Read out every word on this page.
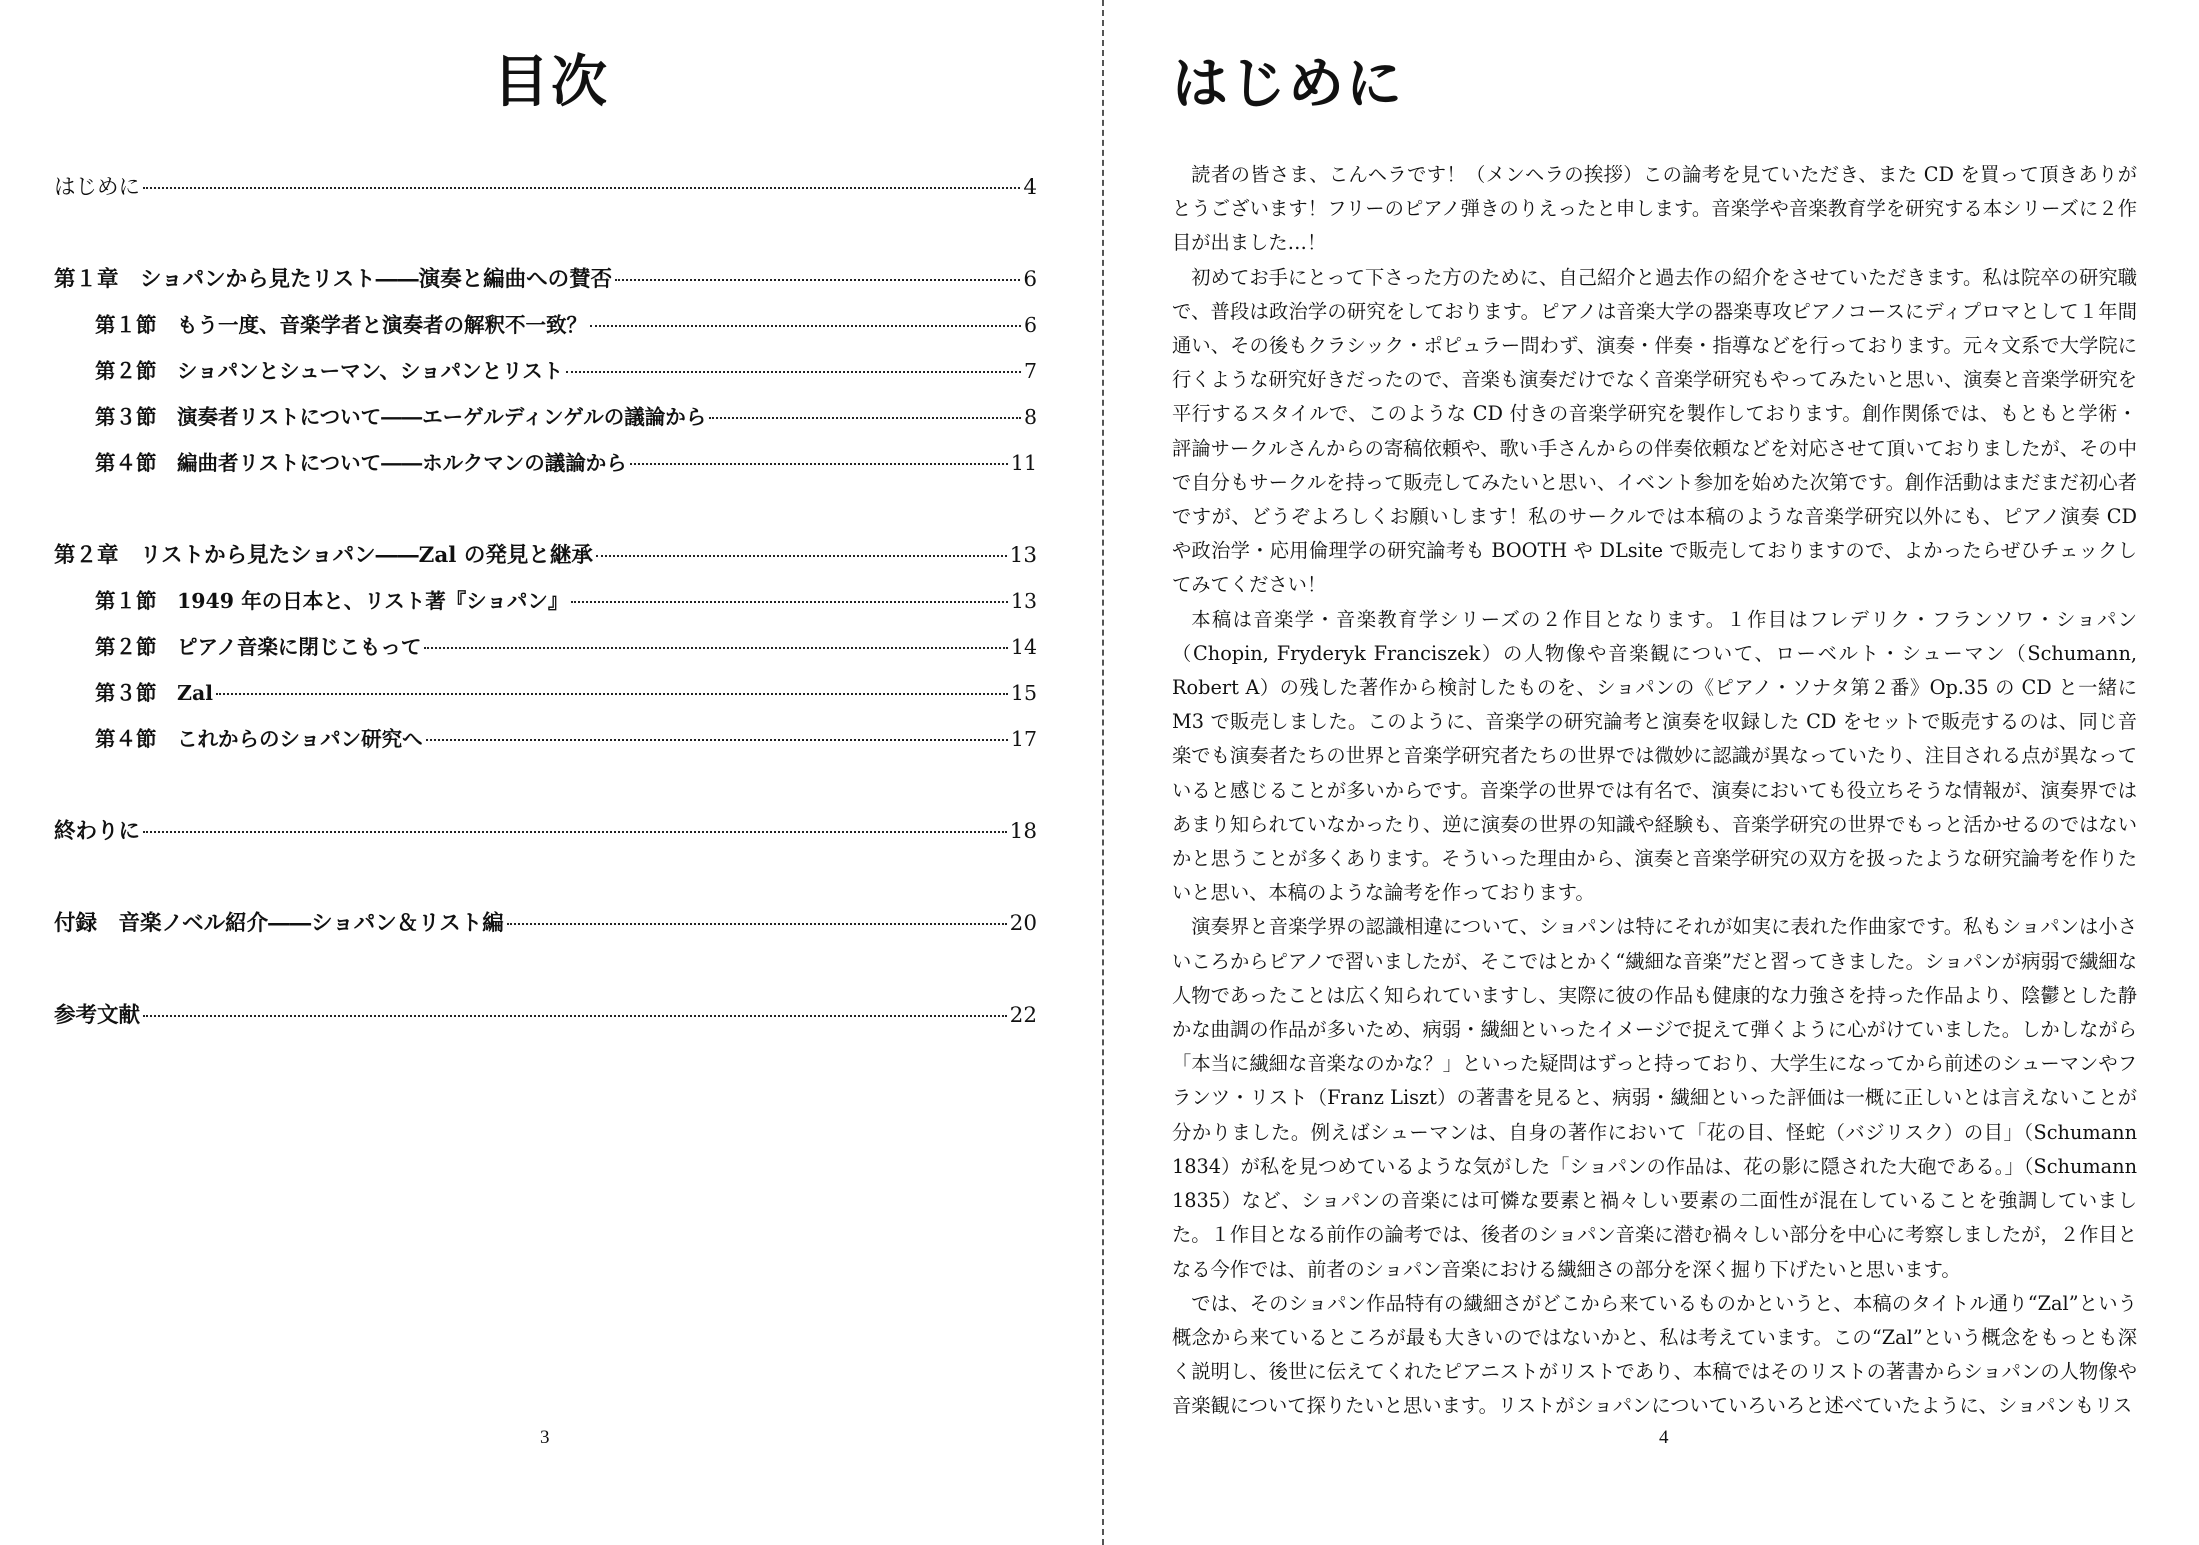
目次
はじめに	4
第１章　ショパンから見たリスト――演奏と編曲への賛否	6
第１節　もう一度、音楽学者と演奏者の解釈不一致？	6
第２節　ショパンとシューマン、ショパンとリスト	7
第３節　演奏者リストについて――エーゲルディンゲルの議論から	8
第４節　編曲者リストについて――ホルクマンの議論から	11
第２章　リストから見たショパン――Zal の発見と継承	13
第１節　1949 年の日本と、リスト著『ショパン』	13
第２節　ピアノ音楽に閉じこもって	14
第３節　Zal	15
第４節　これからのショパン研究へ	17
終わりに	18
付録　音楽ノベル紹介――ショパン＆リスト編	20
参考文献	22
3
はじめに

読者の皆さま、こんヘラです！（メンヘラの挨拶）この論考を見ていただき、また CD を買って頂きありがとうございます！フリーのピアノ弾きのりえったと申します。音楽学や音楽教育学を研究する本シリーズに２作目が出ました…！

初めてお手にとって下さった方のために、自己紹介と過去作の紹介をさせていただきます。私は院卒の研究職で、普段は政治学の研究をしております。ピアノは音楽大学の器楽専攻ピアノコースにディプロマとして１年間通い、その後もクラシック・ポピュラー問わず、演奏・伴奏・指導などを行っております。元々文系で大学院に行くような研究好きだったので、音楽も演奏だけでなく音楽学研究もやってみたいと思い、演奏と音楽学研究を平行するスタイルで、このような CD 付きの音楽学研究を製作しております。創作関係では、もともと学術・評論サークルさんからの寄稿依頼や、歌い手さんからの伴奏依頼などを対応させて頂いておりましたが、その中で自分もサークルを持って販売してみたいと思い、イベント参加を始めた次第です。創作活動はまだまだ初心者ですが、どうぞよろしくお願いします！私のサークルでは本稿のような音楽学研究以外にも、ピアノ演奏 CD や政治学・応用倫理学の研究論考も BOOTH や DLsite で販売しておりますので、よかったらぜひチェックしてみてください！

本稿は音楽学・音楽教育学シリーズの２作目となります。１作目はフレデリク・フランソワ・ショパン（Chopin, Fryderyk Franciszek）の人物像や音楽観について、ローベルト・シューマン（Schumann, Robert A）の残した著作から検討したものを、ショパンの《ピアノ・ソナタ第２番》Op.35 の CD と一緒に M3 で販売しました。このように、音楽学の研究論考と演奏を収録した CD をセットで販売するのは、同じ音楽でも演奏者たちの世界と音楽学研究者たちの世界では微妙に認識が異なっていたり、注目される点が異なっていると感じることが多いからです。音楽学の世界では有名で、演奏においても役立ちそうな情報が、演奏界ではあまり知られていなかったり、逆に演奏の世界の知識や経験も、音楽学研究の世界でもっと活かせるのではないかと思うことが多くあります。そういった理由から、演奏と音楽学研究の双方を扱ったような研究論考を作りたいと思い、本稿のような論考を作っております。

演奏界と音楽学界の認識相違について、ショパンは特にそれが如実に表れた作曲家です。私もショパンは小さいころからピアノで習いましたが、そこではとかく“繊細な音楽”だと習ってきました。ショパンが病弱で繊細な人物であったことは広く知られていますし、実際に彼の作品も健康的な力強さを持った作品より、陰鬱とした静かな曲調の作品が多いため、病弱・繊細といったイメージで捉えて弾くように心がけていました。しかしながら「本当に繊細な音楽なのかな？」といった疑問はずっと持っており、大学生になってから前述のシューマンやフランツ・リスト（Franz Liszt）の著書を見ると、病弱・繊細といった評価は一概に正しいとは言えないことが分かりました。例えばシューマンは、自身の著作において「花の目、怪蛇（バジリスク）の目」（Schumann 1834）が私を見つめているような気がした「ショパンの作品は、花の影に隠された大砲である。」（Schumann 1835）など、ショパンの音楽には可憐な要素と禍々しい要素の二面性が混在していることを強調していました。１作目となる前作の論考では、後者のショパン音楽に潜む禍々しい部分を中心に考察しましたが，２作目となる今作では、前者のショパン音楽における繊細さの部分を深く掘り下げたいと思います。

では、そのショパン作品特有の繊細さがどこから来ているものかというと、本稿のタイトル通り“Zal”という概念から来ているところが最も大きいのではないかと、私は考えています。この“Zal”という概念をもっとも深く説明し、後世に伝えてくれたピアニストがリストであり、本稿ではそのリストの著書からショパンの人物像や音楽観について探りたいと思います。リストがショパンについていろいろと述べていたように、ショパンもリス

4
